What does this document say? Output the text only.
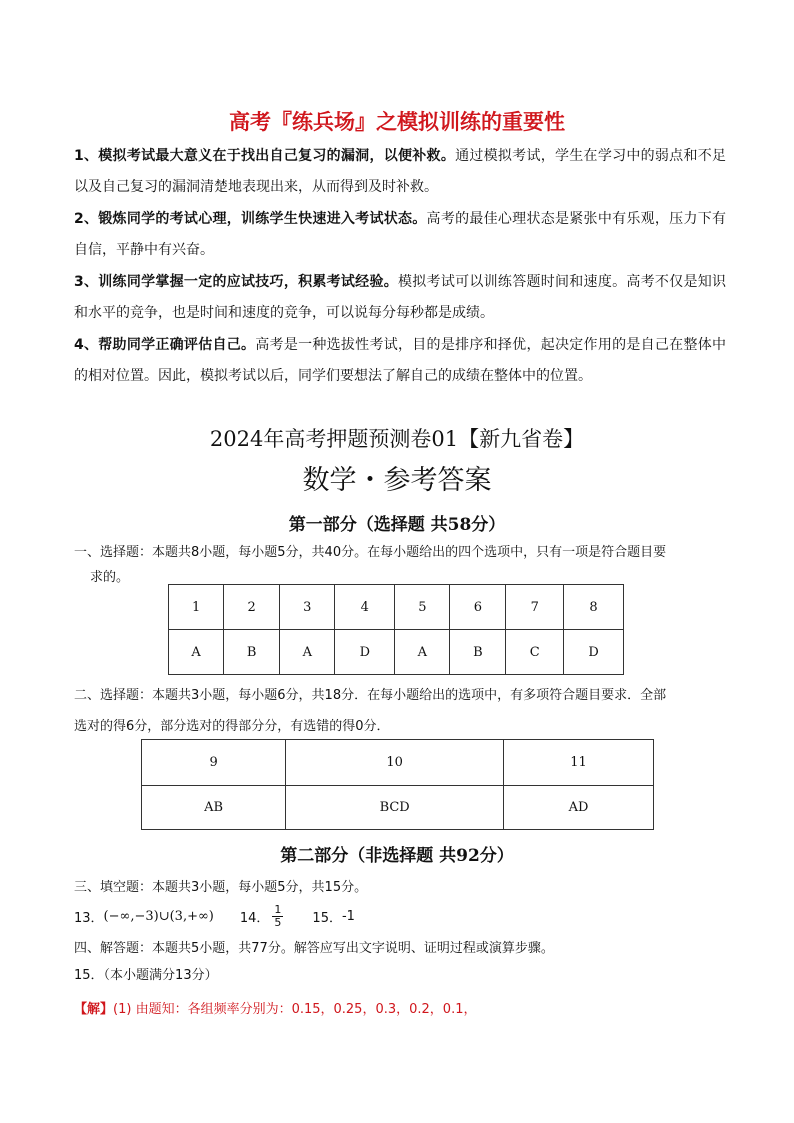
高考『练兵场』之模拟训练的重要性
1、模拟考试最大意义在于找出自己复习的漏洞，以便补救。通过模拟考试，学生在学习中的弱点和不足以及自己复习的漏洞清楚地表现出来，从而得到及时补救。
2、锻炼同学的考试心理，训练学生快速进入考试状态。高考的最佳心理状态是紧张中有乐观，压力下有自信，平静中有兴奋。
3、训练同学掌握一定的应试技巧，积累考试经验。模拟考试可以训练答题时间和速度。高考不仅是知识和水平的竞争，也是时间和速度的竞争，可以说每分每秒都是成绩。
4、帮助同学正确评估自己。高考是一种选拔性考试，目的是排序和择优，起决定作用的是自己在整体中的相对位置。因此，模拟考试以后，同学们要想法了解自己的成绩在整体中的位置。
2024年高考押题预测卷01【新九省卷】
数学・参考答案
第一部分（选择题 共58分）
一、选择题：本题共8小题，每小题5分，共40分。在每小题给出的四个选项中，只有一项是符合题目要
求的。
1	2	3	4	5	6	7	8
A	B	A	D	A	B	C	D
二、选择题：本题共3小题，每小题6分，共18分．在每小题给出的选项中，有多项符合题目要求．全部
选对的得6分，部分选对的得部分分，有选错的得0分．
9	10	11
AB	BCD	AD
第二部分（非选择题 共92分）
三、填空题：本题共3小题，每小题5分，共15分。
13． (−∞,−3)∪(3,+∞) 14． $\frac{1}{5} 15$． -1
四、解答题：本题共5小题，共77分。解答应写出文字说明、证明过程或演算步骤。
15．（本小题满分13分）
【解】(1) 由题知：各组频率分别为：0.15，0.25，0.3，0.2，0.1，
